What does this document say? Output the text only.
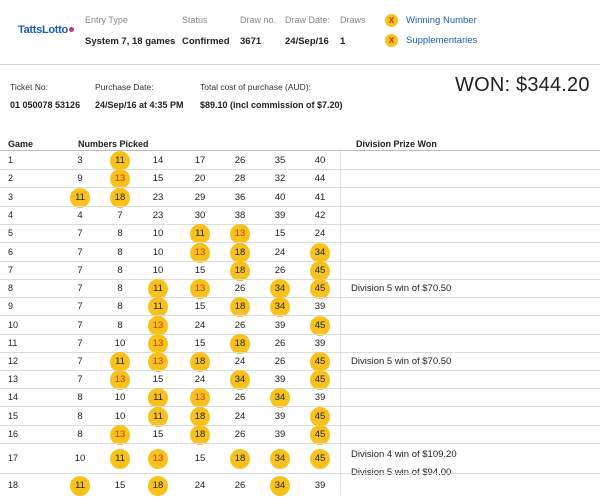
TattsLotto
Entry Type
System 7, 18 games
Status
Confirmed
Draw no.
3671
Draw Date:
24/Sep/16
Draws
1
X	Winning Number
X	Supplementaries
Ticket No:
01 050078 53126
Purchase Date:
24/Sep/16 at 4:35 PM
Total cost of purchase (AUD):
$89.10 (incl commission of $7.20)
WON: $344.20
Game	Numbers Picked	Division Prize Won
1	3	11	14	17	26	35	40
2	9	13	15	20	28	32	44
3	11	18	23	29	36	40	41
4	4	7	23	30	38	39	42
5	7	8	10	11	13	15	24
6	7	8	10	13	18	24	34
7	7	8	10	15	18	26	45
8	7	8	11	13	26	34	45	Division 5 win of $70.50
9	7	8	11	15	18	34	39
10	7	8	13	24	26	39	45
11	7	10	13	15	18	26	39
12	7	11	13	18	24	26	45	Division 5 win of $70.50
13	7	13	15	24	34	39	45
14	8	10	11	13	26	34	39
15	8	10	11	18	24	39	45
16	8	13	15	18	26	39	45
17	10	11	13	15	18	34	45	Division 4 win of $109.20
Division 5 win of $94.00
18	11	15	18	24	26	34	39
